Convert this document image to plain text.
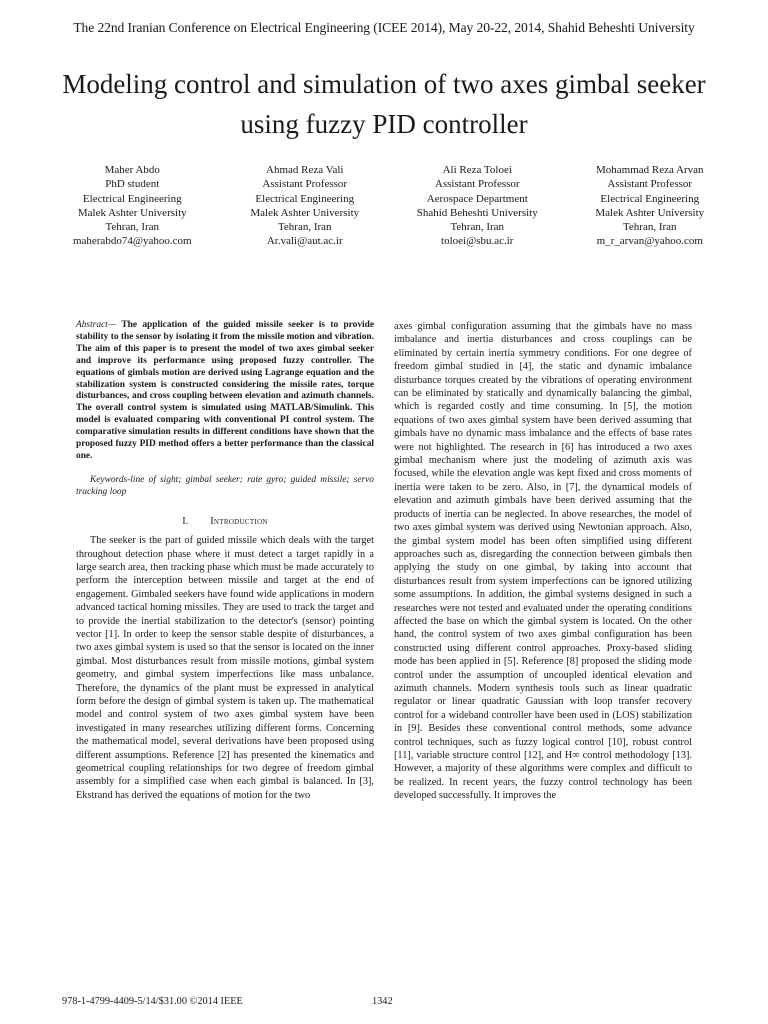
The 22nd Iranian Conference on Electrical Engineering (ICEE 2014), May 20-22, 2014, Shahid Beheshti University
Modeling control and simulation of two axes gimbal seeker using fuzzy PID controller
Maher Abdo
PhD student
Electrical Engineering
Malek Ashter University
Tehran, Iran
maherabdo74@yahoo.com
Ahmad Reza Vali
Assistant Professor
Electrical Engineering
Malek Ashter University
Tehran, Iran
Ar.vali@aut.ac.ir
Ali Reza Toloei
Assistant Professor
Aerospace Department
Shahid Beheshti University
Tehran, Iran
toloei@sbu.ac.ir
Mohammad Reza Arvan
Assistant Professor
Electrical Engineering
Malek Ashter University
Tehran, Iran
m_r_arvan@yahoo.com

Abstract— The application of the guided missile seeker is to provide stability to the sensor by isolating it from the missile motion and vibration. The aim of this paper is to present the model of two axes gimbal seeker and improve its performance using proposed fuzzy controller. The equations of gimbals motion are derived using Lagrange equation and the stabilization system is constructed considering the missile rates, torque disturbances, and cross coupling between elevation and azimuth channels. The overall control system is simulated using MATLAB/Simulink. This model is evaluated comparing with conventional PI control system. The comparative simulation results in different conditions have shown that the proposed fuzzy PID method offers a better performance than the classical one.

Keywords-line of sight; gimbal seeker; rate gyro; guided missile; servo tracking loop

I. Introduction

The seeker is the part of guided missile which deals with the target throughout detection phase where it must detect a target rapidly in a large search area, then tracking phase which must be made accurately to perform the interception between missile and target at the end of engagement. Gimbaled seekers have found wide applications in modern advanced tactical homing missiles. They are used to track the target and to provide the inertial stabilization to the detector's (sensor) pointing vector [1]. In order to keep the sensor stable despite of disturbances, a two axes gimbal system is used so that the sensor is located on the inner gimbal. Most disturbances result from missile motions, gimbal system geometry, and gimbal system imperfections like mass unbalance. Therefore, the dynamics of the plant must be expressed in analytical form before the design of gimbal system is taken up. The mathematical model and control system of two axes gimbal system have been investigated in many researches utilizing different forms. Concerning the mathematical model, several derivations have been proposed using different assumptions. Reference [2] has presented the kinematics and geometrical coupling relationships for two degree of freedom gimbal assembly for a simplified case when each gimbal is balanced. In [3], Ekstrand has derived the equations of motion for the two

axes gimbal configuration assuming that the gimbals have no mass imbalance and inertia disturbances and cross couplings can be eliminated by certain inertia symmetry conditions. For one degree of freedom gimbal studied in [4], the static and dynamic imbalance disturbance torques created by the vibrations of operating environment can be eliminated by statically and dynamically balancing the gimbal, which is regarded costly and time consuming. In [5], the motion equations of two axes gimbal system have been derived assuming that gimbals have no dynamic mass imbalance and the effects of base rates were not highlighted. The research in [6] has introduced a two axes gimbal mechanism where just the modeling of azimuth axis was focused, while the elevation angle was kept fixed and cross moments of inertia were taken to be zero. Also, in [7], the dynamical models of elevation and azimuth gimbals have been derived assuming that the products of inertia can be neglected. In above researches, the model of two axes gimbal system was derived using Newtonian approach. Also, the gimbal system model has been often simplified using different approaches such as, disregarding the connection between gimbals then applying the study on one gimbal, by taking into account that disturbances result from system imperfections can be ignored utilizing some assumptions. In addition, the gimbal systems designed in such a researches were not tested and evaluated under the operating conditions affected the base on which the gimbal system is located. On the other hand, the control system of two axes gimbal configuration has been constructed using different control approaches. Proxy-based sliding mode has been applied in [5]. Reference [8] proposed the sliding mode control under the assumption of uncoupled identical elevation and azimuth channels. Modern synthesis tools such as linear quadratic regulator or linear quadratic Gaussian with loop transfer recovery control for a wideband controller have been used in (LOS) stabilization in [9]. Besides these conventional control methods, some advance control techniques, such as fuzzy logical control [10], robust control [11], variable structure control [12], and H∞ control methodology [13]. However, a majority of these algorithms were complex and difficult to be realized. In recent years, the fuzzy control technology has been developed successfully. It improves the

978-1-4799-4409-5/14/$31.00 ©2014 IEEE	1342
